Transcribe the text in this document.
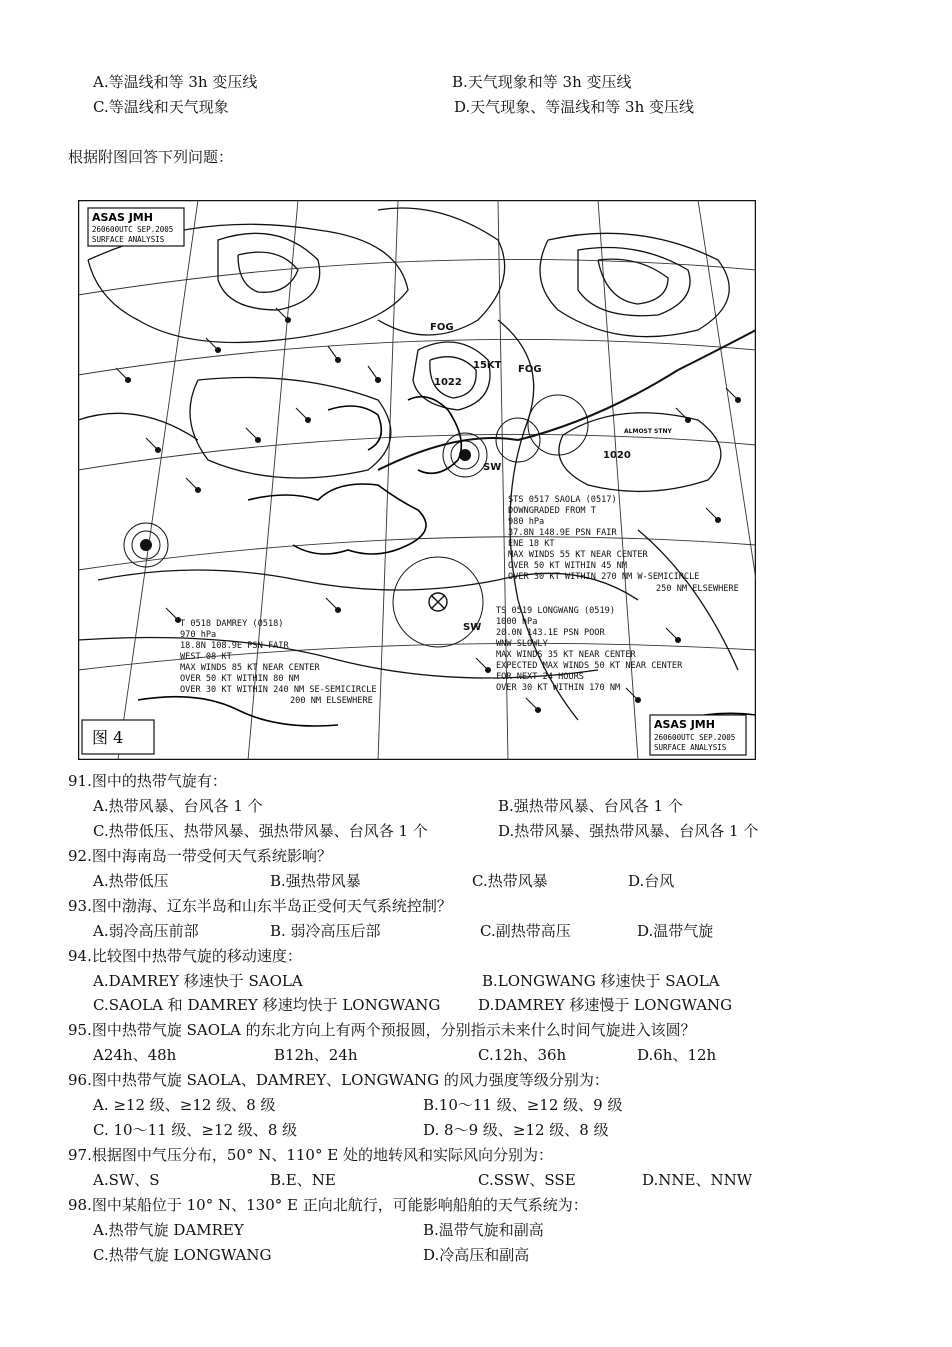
A.等温线和等 3h 变压线	B.天气现象和等 3h 变压线
C.等温线和天气现象	D.天气现象、等温线和等 3h 变压线
根据附图回答下列问题：
ASAS JMH
260600UTC SEP.2005
SURFACE ANALYSIS
ASAS JMH
260600UTC SEP.2005
SURFACE ANALYSIS
图 4
FOG
FOG
15KT
1022
1020
ALMOST STNY
SW
SW
STS 0517 SAOLA (0517)
DOWNGRADED FROM T
980 hPa
37.8N 148.9E PSN FAIR
ENE 18 KT
MAX WINDS 55 KT NEAR CENTER
OVER 50 KT WITHIN 45 NM
OVER 30 KT WITHIN 270 NM W-SEMICIRCLE
250 NM ELSEWHERE
T 0518 DAMREY (0518)
970 hPa
18.8N 108.9E PSN FAIR
WEST 08 KT
MAX WINDS 85 KT NEAR CENTER
OVER 50 KT WITHIN 80 NM
OVER 30 KT WITHIN 240 NM SE-SEMICIRCLE
200 NM ELSEWHERE
TS 0519 LONGWANG (0519)
1000 hPa
20.0N 143.1E PSN POOR
WNW SLOWLY
MAX WINDS 35 KT NEAR CENTER
EXPECTED MAX WINDS 50 KT NEAR CENTER
FOR NEXT 24 HOURS
OVER 30 KT WITHIN 170 NM
91.图中的热带气旋有：
A.热带风暴、台风各 1 个	B.强热带风暴、台风各 1 个
C.热带低压、热带风暴、强热带风暴、台风各 1 个	D.热带风暴、强热带风暴、台风各 1 个
92.图中海南岛一带受何天气系统影响？
A.热带低压	B.强热带风暴	C.热带风暴	D.台风
93.图中渤海、辽东半岛和山东半岛正受何天气系统控制？
A.弱冷高压前部	B. 弱冷高压后部	C.副热带高压	D.温带气旋
94.比较图中热带气旋的移动速度：
A.DAMREY 移速快于 SAOLA	B.LONGWANG 移速快于 SAOLA
C.SAOLA 和 DAMREY 移速均快于 LONGWANG	D.DAMREY 移速慢于 LONGWANG
95.图中热带气旋 SAOLA 的东北方向上有两个预报圆，分别指示未来什么时间气旋进入该圆？
A24h、48h	B12h、24h	C.12h、36h	D.6h、12h
96.图中热带气旋 SAOLA、DAMREY、LONGWANG 的风力强度等级分别为：
A. ≥12 级、≥12 级、8 级	B.10～11 级、≥12 级、9 级
C. 10～11 级、≥12 级、8 级	D. 8～9 级、≥12 级、8 级
97.根据图中气压分布，50° N、110° E 处的地转风和实际风向分别为：
A.SW、S	B.E、NE	C.SSW、SSE	D.NNE、NNW
98.图中某船位于 10° N、130° E 正向北航行，可能影响船舶的天气系统为：
A.热带气旋 DAMREY	B.温带气旋和副高
C.热带气旋 LONGWANG	D.冷高压和副高
